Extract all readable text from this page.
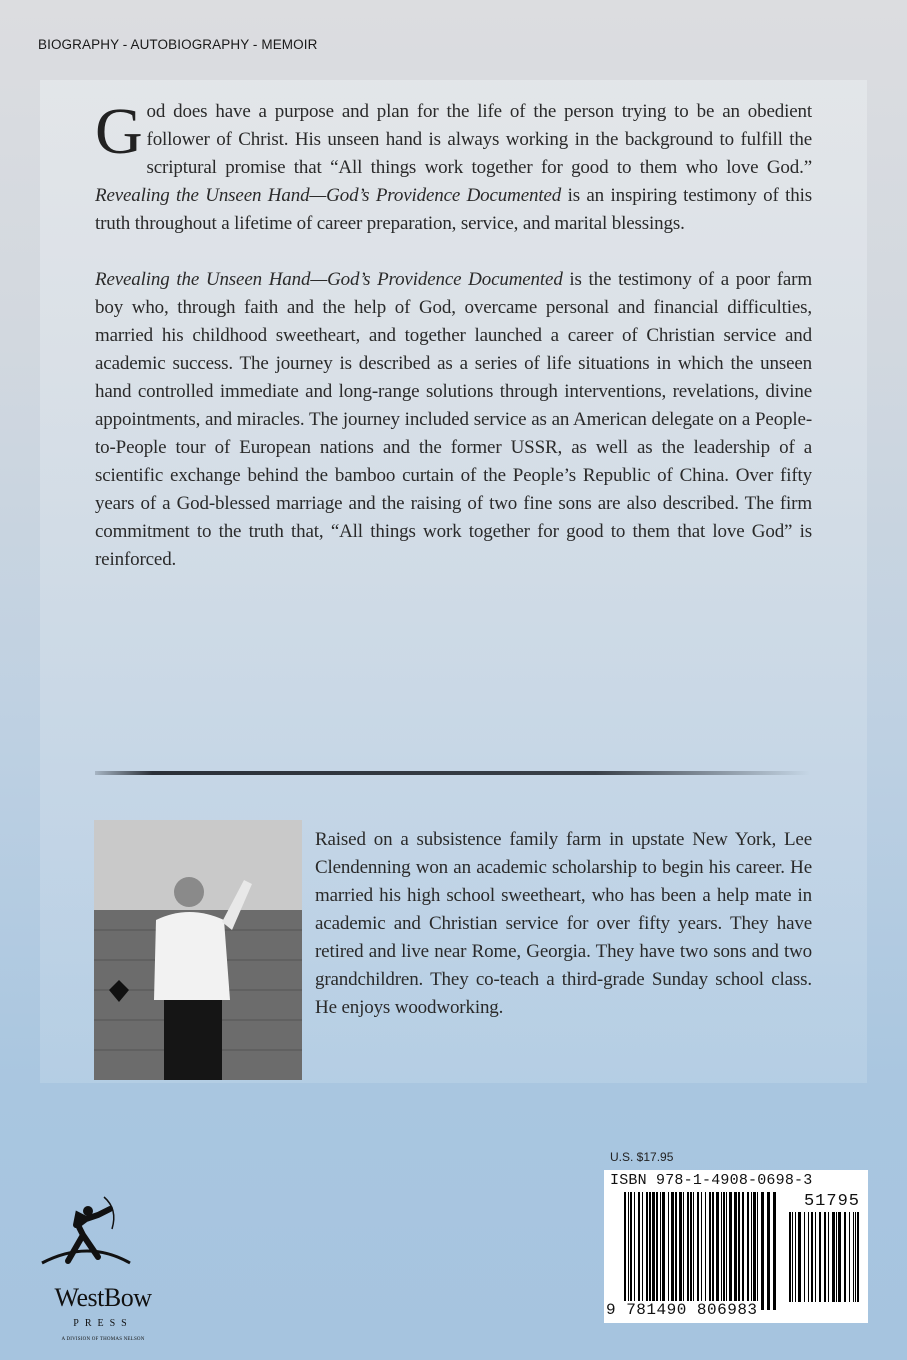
BIOGRAPHY - AUTOBIOGRAPHY - MEMOIR

God does have a purpose and plan for the life of the person trying to be an obedient follower of Christ. His unseen hand is always working in the background to fulfill the scriptural promise that “All things work together for good to them who love God.” Revealing the Unseen Hand—God’s Providence Documented is an inspiring testimony of this truth throughout a lifetime of career preparation, service, and marital blessings.

Revealing the Unseen Hand—God’s Providence Documented is the testimony of a poor farm boy who, through faith and the help of God, overcame personal and financial difficulties, married his childhood sweetheart, and together launched a career of Christian service and academic success. The journey is described as a series of life situations in which the unseen hand controlled immediate and long-range solutions through interventions, revelations, divine appointments, and miracles. The journey included service as an American delegate on a People-to-People tour of European nations and the former USSR, as well as the leadership of a scientific exchange behind the bamboo curtain of the People’s Republic of China. Over fifty years of a God-blessed marriage and the raising of two fine sons are also described. The firm commitment to the truth that, “All things work together for good to them that love God” is reinforced.

Raised on a subsistence family farm in upstate New York, Lee Clendenning won an academic scholarship to begin his career. He married his high school sweetheart, who has been a help mate in academic and Christian service for over fifty years. They have retired and live near Rome, Georgia. They have two sons and two grandchildren. They co-teach a third-grade Sunday school class. He enjoys woodworking.
U.S. $17.95
ISBN 978-1-4908-0698-3
51795
9 781490 806983
WestBow
PRESS
A DIVISION OF THOMAS NELSON
